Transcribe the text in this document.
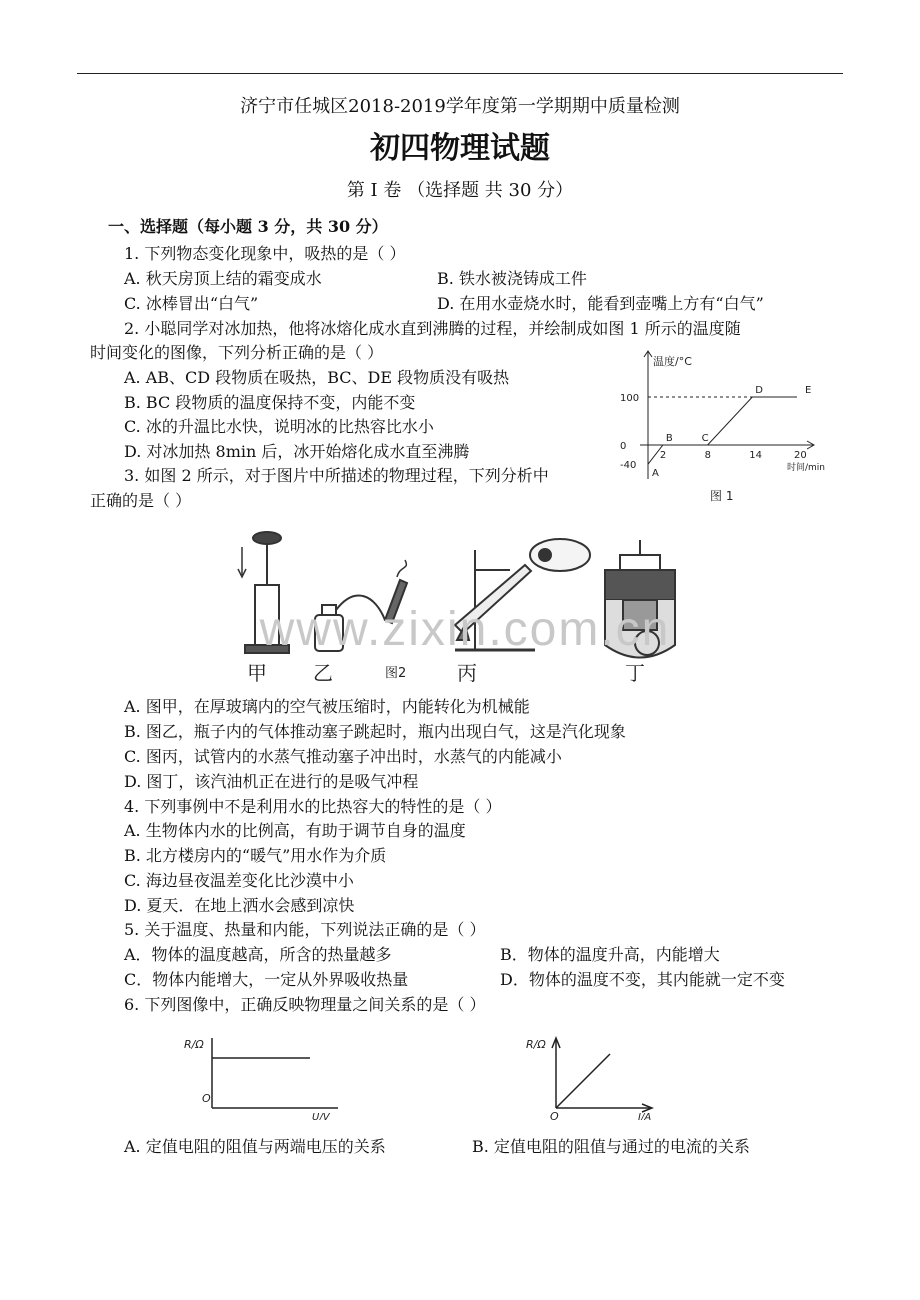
济宁市任城区2018-2019学年度第一学期期中质量检测
初四物理试题
第 I 卷 （选择题 共 30 分）
一、选择题（每小题 3 分，共 30 分）
1. 下列物态变化现象中，吸热的是（ ）
A. 秋天房顶上结的霜变成水	B. 铁水被浇铸成工件
C. 冰棒冒出“白气”	D. 在用水壶烧水时，能看到壶嘴上方有“白气”
2. 小聪同学对冰加热，他将冰熔化成水直到沸腾的过程，并绘制成如图 1 所示的温度随
时间变化的图像，下列分析正确的是（ ）
A. AB、CD 段物质在吸热，BC、DE 段物质没有吸热
B. BC 段物质的温度保持不变，内能不变
C. 冰的升温比水快，说明冰的比热容比水小
D. 对冰加热 8min 后，冰开始熔化成水直至沸腾
100
0
-40
2	8	14	20
A
B	C
D	E
温度/°C
时间/min
图 1
3. 如图 2 所示，对于图片中所描述的物理过程，下列分析中
正确的是（ ）
甲 乙	丙	丁
图2
www.zixin.com.cn
A. 图甲，在厚玻璃内的空气被压缩时，内能转化为机械能
B. 图乙，瓶子内的气体推动塞子跳起时，瓶内出现白气，这是汽化现象
C. 图丙，试管内的水蒸气推动塞子冲出时，水蒸气的内能减小
D. 图丁，该汽油机正在进行的是吸气冲程
4. 下列事例中不是利用水的比热容大的特性的是（ ）
A. 生物体内水的比例高，有助于调节自身的温度
B. 北方楼房内的“暖气”用水作为介质
C. 海边昼夜温差变化比沙漠中小
D. 夏天．在地上洒水会感到凉快
5. 关于温度、热量和内能，下列说法正确的是（ ）
A．物体的温度越高，所含的热量越多	B．物体的温度升高，内能增大
C．物体内能增大，一定从外界吸收热量	D．物体的温度不变，其内能就一定不变
6. 下列图像中，正确反映物理量之间关系的是（ ）
R/Ω
O
U/V
R/Ω
O	I/A
A. 定值电阻的阻值与两端电压的关系	B. 定值电阻的阻值与通过的电流的关系
